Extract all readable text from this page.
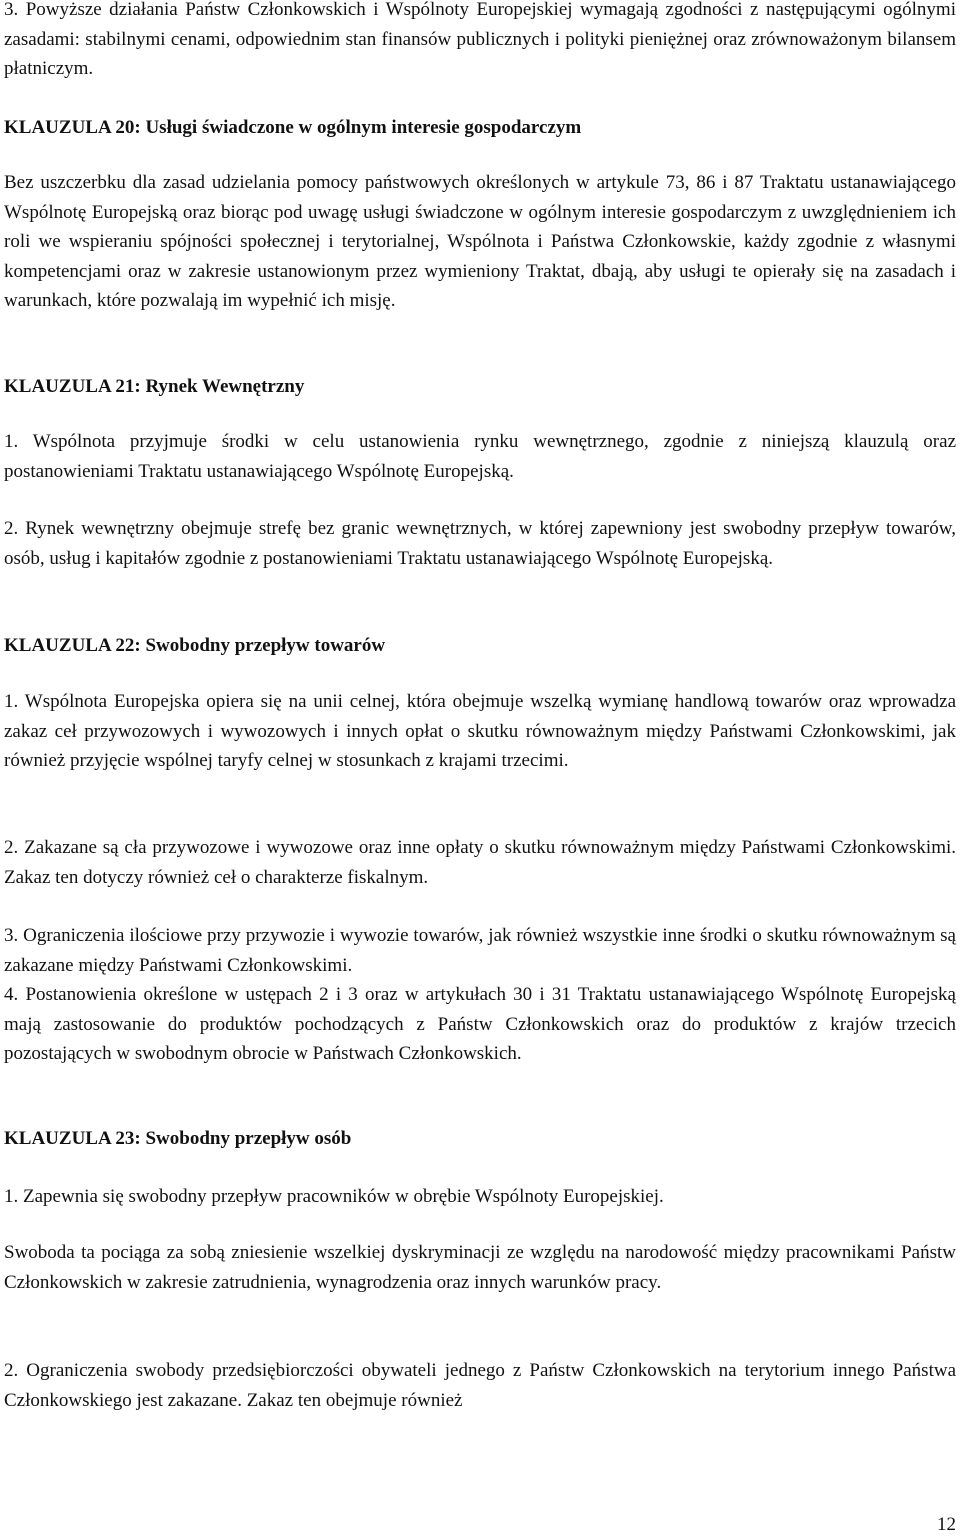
3. Powyższe działania Państw Członkowskich i Wspólnoty Europejskiej wymagają zgodności z następującymi ogólnymi zasadami: stabilnymi cenami, odpowiednim stan finansów publicznych i polityki pieniężnej oraz zrównoważonym bilansem płatniczym.

KLAUZULA 20: Usługi świadczone w ogólnym interesie gospodarczym

Bez uszczerbku dla zasad udzielania pomocy państwowych określonych w artykule 73, 86 i 87 Traktatu ustanawiającego Wspólnotę Europejską oraz biorąc pod uwagę usługi świadczone w ogólnym interesie gospodarczym z uwzględnieniem ich roli we wspieraniu spójności społecznej i terytorialnej, Wspólnota i Państwa Członkowskie, każdy zgodnie z własnymi kompetencjami oraz w zakresie ustanowionym przez wymieniony Traktat, dbają, aby usługi te opierały się na zasadach i warunkach, które pozwalają im wypełnić ich misję.

KLAUZULA 21: Rynek Wewnętrzny

1. Wspólnota przyjmuje środki w celu ustanowienia rynku wewnętrznego, zgodnie z niniejszą klauzulą oraz postanowieniami Traktatu ustanawiającego Wspólnotę Europejską.

2. Rynek wewnętrzny obejmuje strefę bez granic wewnętrznych, w której zapewniony jest swobodny przepływ towarów, osób, usług i kapitałów zgodnie z postanowieniami Traktatu ustanawiającego Wspólnotę Europejską.

KLAUZULA 22: Swobodny przepływ towarów

1. Wspólnota Europejska opiera się na unii celnej, która obejmuje wszelką wymianę handlową towarów oraz wprowadza zakaz ceł przywozowych i wywozowych i innych opłat o skutku równoważnym między Państwami Członkowskimi, jak również przyjęcie wspólnej taryfy celnej w stosunkach z krajami trzecimi.

2. Zakazane są cła przywozowe i wywozowe oraz inne opłaty o skutku równoważnym między Państwami Członkowskimi. Zakaz ten dotyczy również ceł o charakterze fiskalnym.

3. Ograniczenia ilościowe przy przywozie i wywozie towarów, jak również wszystkie inne środki o skutku równoważnym są zakazane między Państwami Członkowskimi.

4. Postanowienia określone w ustępach 2 i 3 oraz w artykułach 30 i 31 Traktatu ustanawiającego Wspólnotę Europejską mają zastosowanie do produktów pochodzących z Państw Członkowskich oraz do produktów z krajów trzecich pozostających w swobodnym obrocie w Państwach Członkowskich.

KLAUZULA 23: Swobodny przepływ osób

1. Zapewnia się swobodny przepływ pracowników w obrębie Wspólnoty Europejskiej.

Swoboda ta pociąga za sobą zniesienie wszelkiej dyskryminacji ze względu na narodowość między pracownikami Państw Członkowskich w zakresie zatrudnienia, wynagrodzenia oraz innych warunków pracy.

2. Ograniczenia swobody przedsiębiorczości obywateli jednego z Państw Członkowskich na terytorium innego Państwa Członkowskiego jest zakazane. Zakaz ten obejmuje również

12
